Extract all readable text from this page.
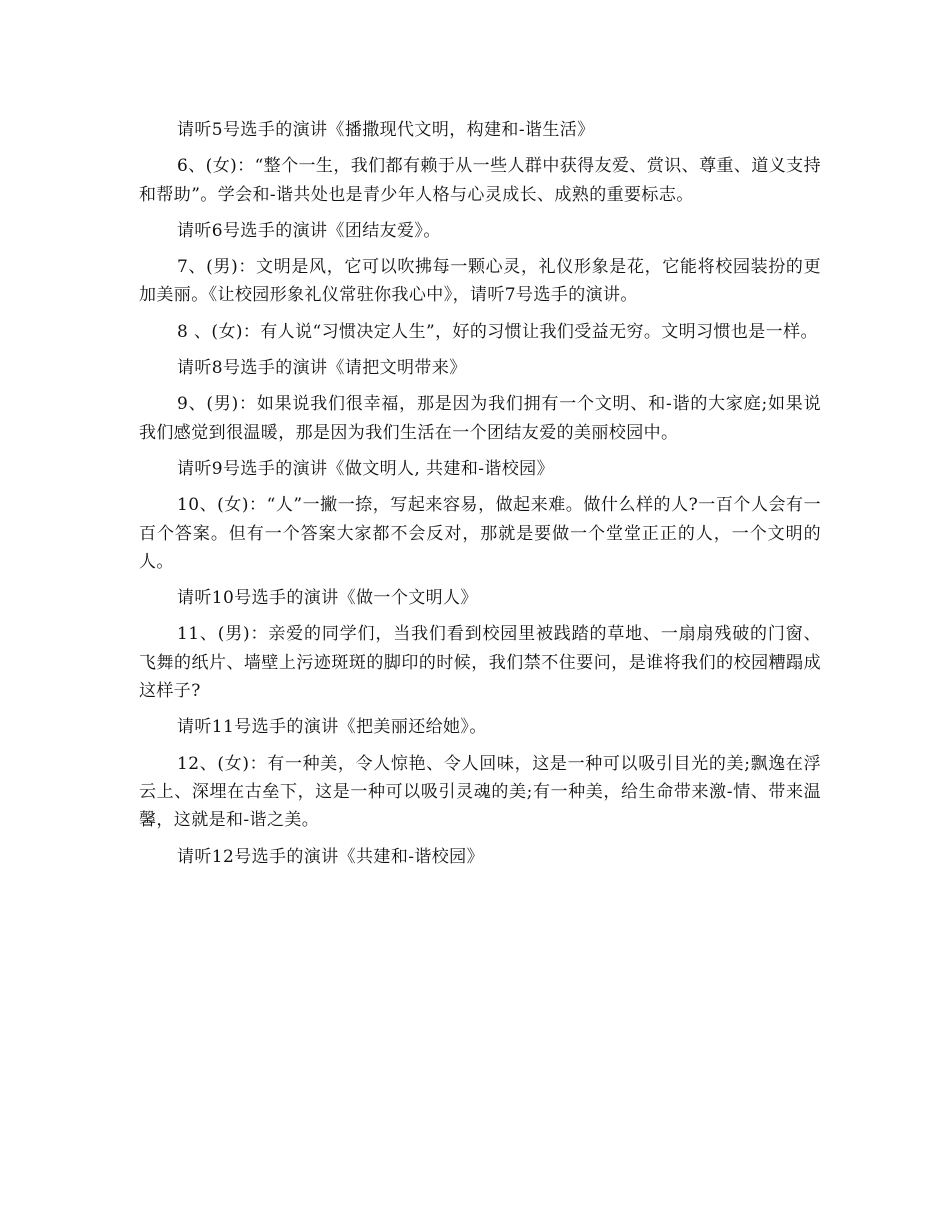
请听5号选手的演讲《播撒现代文明，构建和-谐生活》

6、(女)：“整个一生，我们都有赖于从一些人群中获得友爱、赏识、尊重、道义支持和帮助”。学会和-谐共处也是青少年人格与心灵成长、成熟的重要标志。

请听6号选手的演讲《团结友爱》。

7、(男)：文明是风，它可以吹拂每一颗心灵，礼仪形象是花，它能将校园装扮的更加美丽。《让校园形象礼仪常驻你我心中》，请听7号选手的演讲。

8 、(女)：有人说“习惯决定人生”，好的习惯让我们受益无穷。文明习惯也是一样。

请听8号选手的演讲《请把文明带来》

9、(男)：如果说我们很幸福，那是因为我们拥有一个文明、和-谐的大家庭;如果说我们感觉到很温暖，那是因为我们生活在一个团结友爱的美丽校园中。

请听9号选手的演讲《做文明人, 共建和-谐校园》

10、(女)：“人”一撇一捺，写起来容易，做起来难。做什么样的人?一百个人会有一百个答案。但有一个答案大家都不会反对，那就是要做一个堂堂正正的人，一个文明的人。

请听10号选手的演讲《做一个文明人》

11、(男)：亲爱的同学们，当我们看到校园里被践踏的草地、一扇扇残破的门窗、飞舞的纸片、墙壁上污迹斑斑的脚印的时候，我们禁不住要问，是谁将我们的校园糟蹋成这样子?

请听11号选手的演讲《把美丽还给她》。

12、(女)：有一种美，令人惊艳、令人回味，这是一种可以吸引目光的美;飘逸在浮云上、深埋在古垒下，这是一种可以吸引灵魂的美;有一种美，给生命带来激-情、带来温馨，这就是和-谐之美。

请听12号选手的演讲《共建和-谐校园》
